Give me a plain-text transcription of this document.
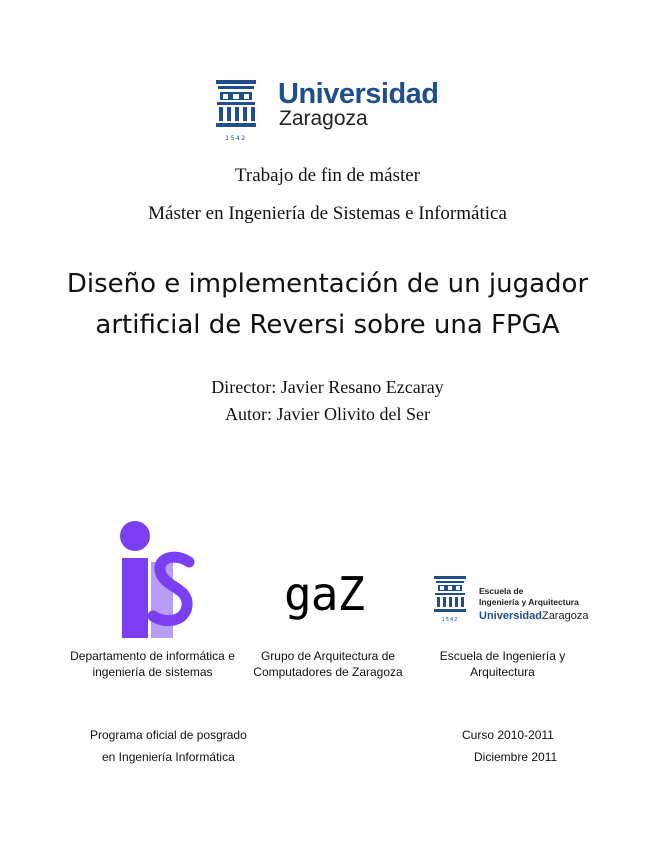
1542
Universidad
Zaragoza
Trabajo de fin de máster
Máster en Ingeniería de Sistemas e Informática
Diseño e implementación de un jugador
artificial de Reversi sobre una FPGA
Director: Javier Resano Ezcaray
Autor: Javier Olivito del Ser
Departamento de informática e ingeniería de sistemas
gaZ
Grupo de Arquitectura de Computadores de Zaragoza
1542
Escuela de
Ingeniería y Arquitectura
UniversidadZaragoza
Escuela de Ingeniería y Arquitectura
Programa oficial de posgrado
en Ingeniería Informática
Curso 2010-2011
Diciembre 2011
